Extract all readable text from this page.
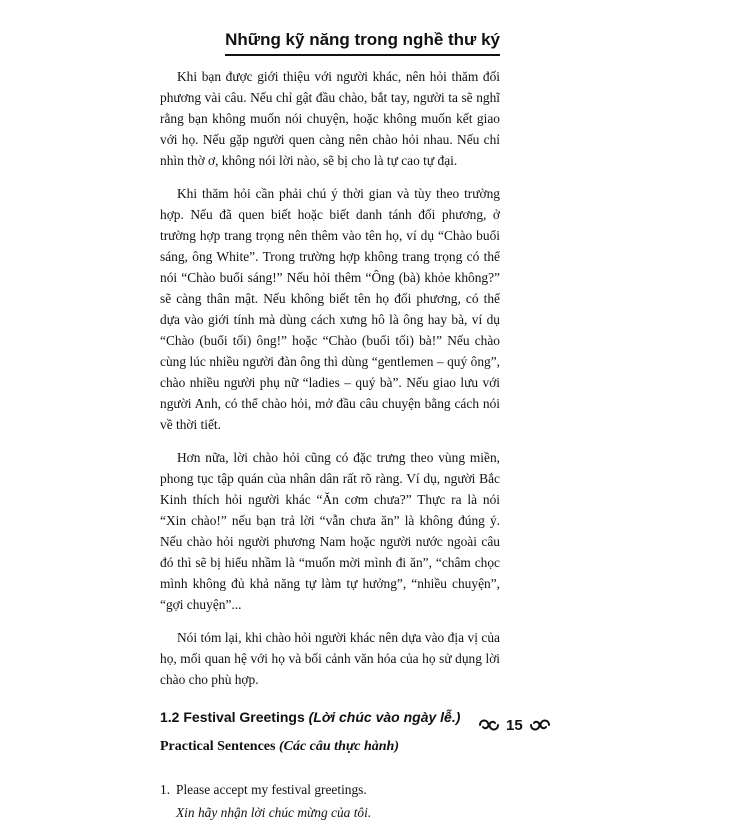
Những kỹ năng trong nghề thư ký

Khi bạn được giới thiệu với người khác, nên hỏi thăm đối phương vài câu. Nếu chỉ gật đầu chào, bắt tay, người ta sẽ nghĩ rằng bạn không muốn nói chuyện, hoặc không muốn kết giao với họ. Nếu gặp người quen càng nên chào hỏi nhau. Nếu chỉ nhìn thờ ơ, không nói lời nào, sẽ bị cho là tự cao tự đại.

Khi thăm hỏi cần phải chú ý thời gian và tùy theo trường hợp. Nếu đã quen biết hoặc biết danh tánh đối phương, ở trường hợp trang trọng nên thêm vào tên họ, ví dụ “Chào buổi sáng, ông White”. Trong trường hợp không trang trọng có thể nói “Chào buổi sáng!” Nếu hỏi thêm “Ông (bà) khỏe không?” sẽ càng thân mật. Nếu không biết tên họ đối phương, có thể dựa vào giới tính mà dùng cách xưng hô là ông hay bà, ví dụ “Chào (buổi tối) ông!” hoặc “Chào (buổi tối) bà!” Nếu chào cùng lúc nhiều người đàn ông thì dùng “gentlemen – quý ông”, chào nhiều người phụ nữ “ladies – quý bà”. Nếu giao lưu với người Anh, có thể chào hỏi, mở đầu câu chuyện bằng cách nói về thời tiết.

Hơn nữa, lời chào hỏi cũng có đặc trưng theo vùng miền, phong tục tập quán của nhân dân rất rõ ràng. Ví dụ, người Bắc Kinh thích hỏi người khác “Ăn cơm chưa?” Thực ra là nói “Xin chào!” nếu bạn trả lời “vẫn chưa ăn” là không đúng ý. Nếu chào hỏi người phương Nam hoặc người nước ngoài câu đó thì sẽ bị hiểu nhầm là “muốn mời mình đi ăn”, “châm chọc mình không đủ khả năng tự làm tự hưởng”, “nhiều chuyện”, “gợi chuyện”...

Nói tóm lại, khi chào hỏi người khác nên dựa vào địa vị của họ, mối quan hệ với họ và bối cảnh văn hóa của họ sử dụng lời chào cho phù hợp.

1.2 Festival Greetings (Lời chúc vào ngày lễ.)
Practical Sentences (Các câu thực hành)
1. Please accept my festival greetings.
Xin hãy nhận lời chúc mừng của tôi.
15
